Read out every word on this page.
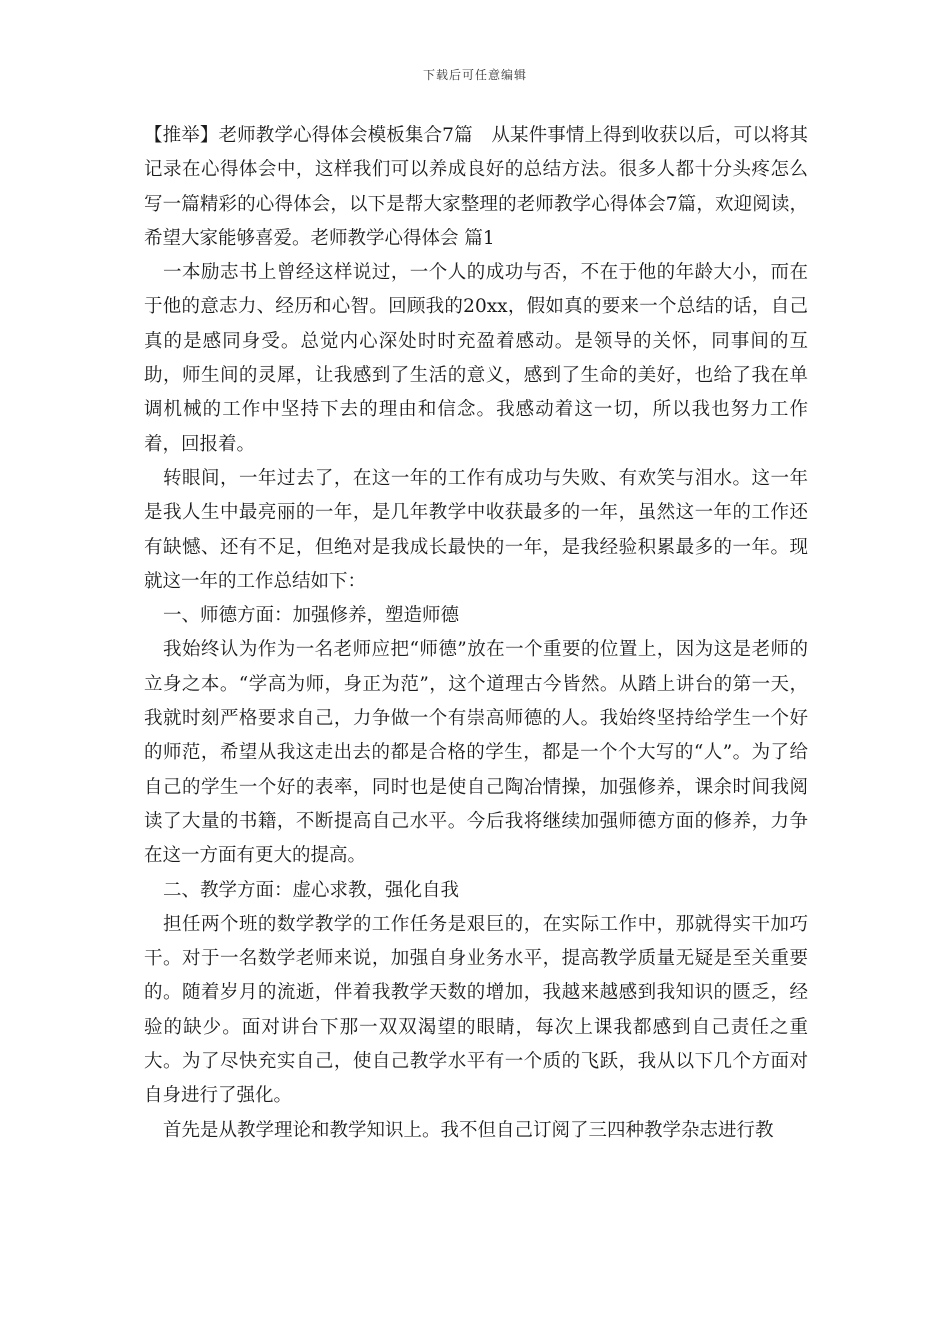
下载后可任意编辑

【推举】老师教学心得体会模板集合7篇　从某件事情上得到收获以后，可以将其记录在心得体会中，这样我们可以养成良好的总结方法。很多人都十分头疼怎么写一篇精彩的心得体会，以下是帮大家整理的老师教学心得体会7篇，欢迎阅读，希望大家能够喜爱。老师教学心得体会 篇1

一本励志书上曾经这样说过，一个人的成功与否，不在于他的年龄大小，而在于他的意志力、经历和心智。回顾我的20xx，假如真的要来一个总结的话，自己真的是感同身受。总觉内心深处时时充盈着感动。是领导的关怀，同事间的互助，师生间的灵犀，让我感到了生活的意义，感到了生命的美好，也给了我在单调机械的工作中坚持下去的理由和信念。我感动着这一切，所以我也努力工作着，回报着。

转眼间，一年过去了，在这一年的工作有成功与失败、有欢笑与泪水。这一年是我人生中最亮丽的一年，是几年教学中收获最多的一年，虽然这一年的工作还有缺憾、还有不足，但绝对是我成长最快的一年，是我经验积累最多的一年。现就这一年的工作总结如下：

一、师德方面：加强修养，塑造师德

我始终认为作为一名老师应把“师德”放在一个重要的位置上，因为这是老师的立身之本。“学高为师，身正为范”，这个道理古今皆然。从踏上讲台的第一天，我就时刻严格要求自己，力争做一个有崇高师德的人。我始终坚持给学生一个好的师范，希望从我这走出去的都是合格的学生，都是一个个大写的“人”。为了给自己的学生一个好的表率，同时也是使自己陶冶情操，加强修养，课余时间我阅读了大量的书籍，不断提高自己水平。今后我将继续加强师德方面的修养，力争在这一方面有更大的提高。

二、教学方面：虚心求教，强化自我

担任两个班的数学教学的工作任务是艰巨的，在实际工作中，那就得实干加巧干。对于一名数学老师来说，加强自身业务水平，提高教学质量无疑是至关重要的。随着岁月的流逝，伴着我教学天数的增加，我越来越感到我知识的匮乏，经验的缺少。面对讲台下那一双双渴望的眼睛，每次上课我都感到自己责任之重大。为了尽快充实自己，使自己教学水平有一个质的飞跃，我从以下几个方面对自身进行了强化。

首先是从教学理论和教学知识上。我不但自己订阅了三四种教学杂志进行教
